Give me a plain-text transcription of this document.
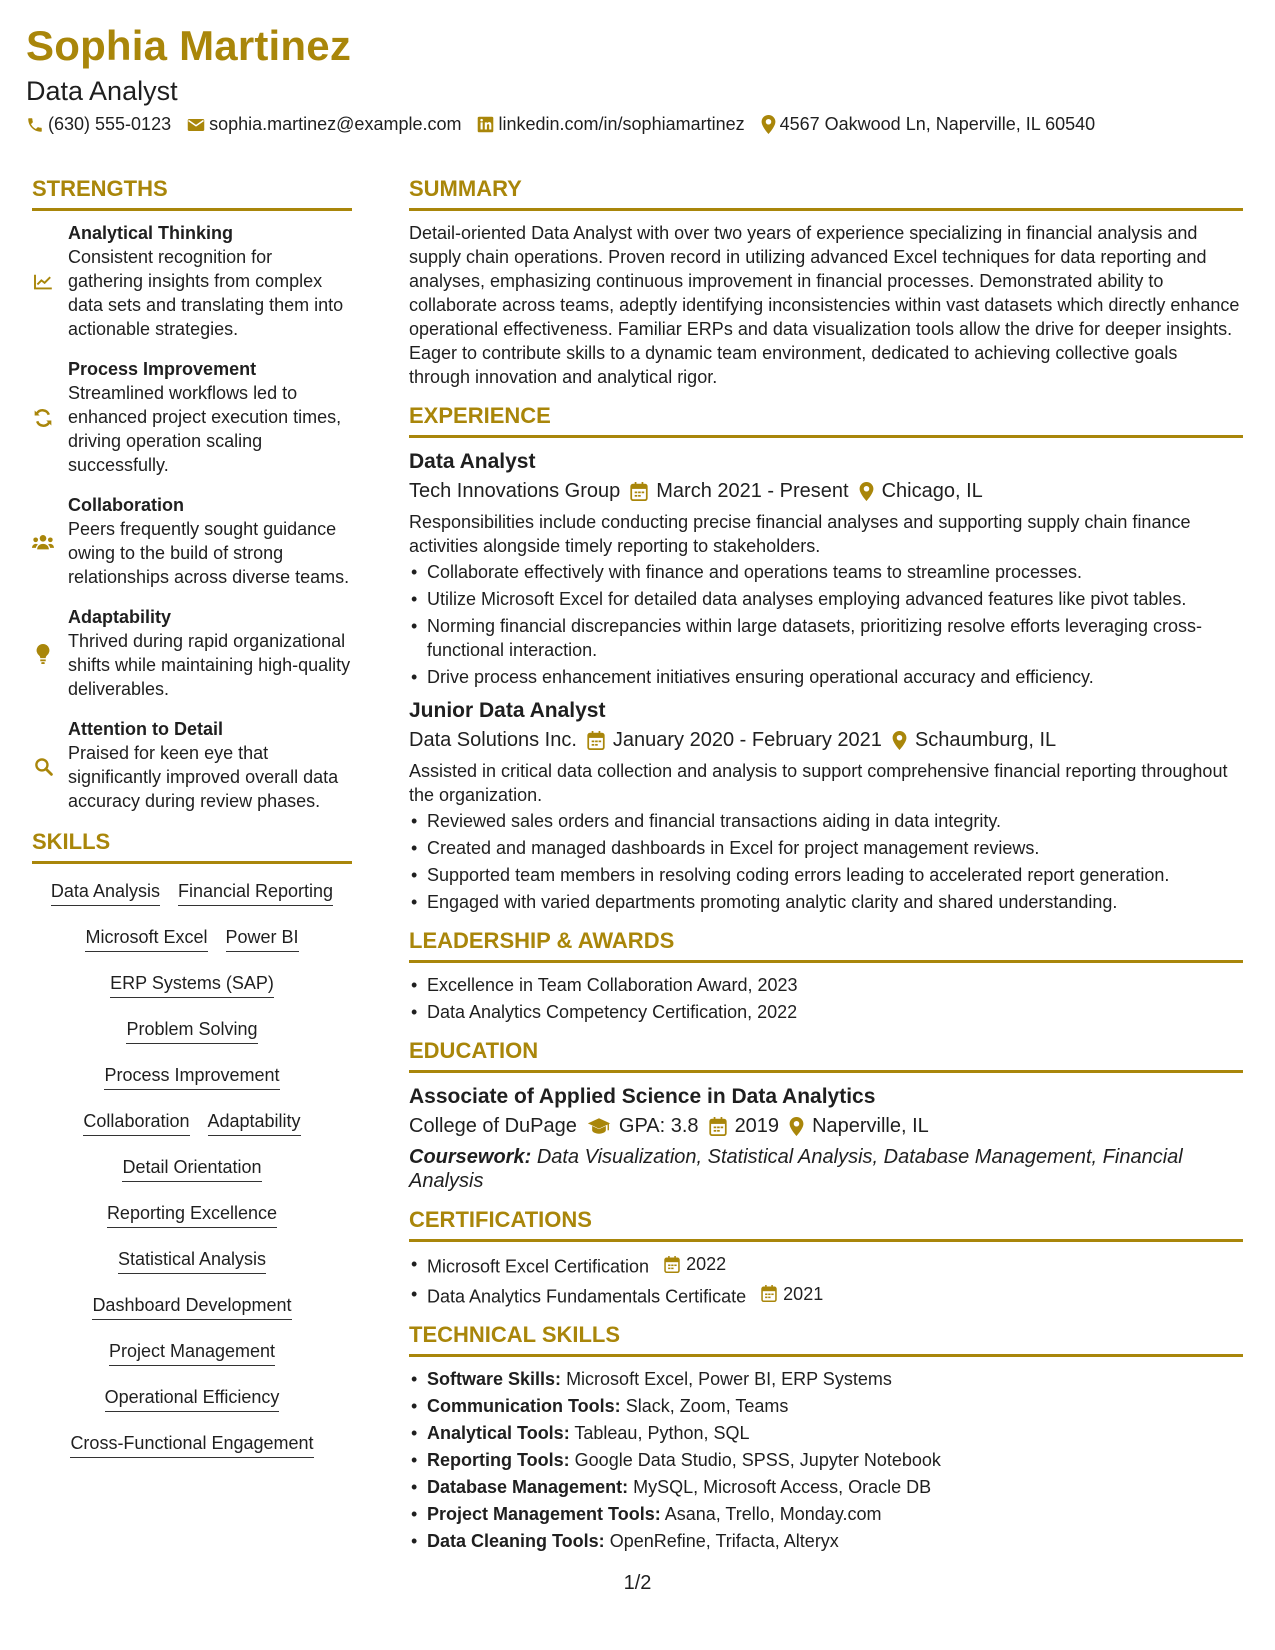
Sophia Martinez
Data Analyst
(630) 555-0123 sophia.martinez@example.com linkedin.com/in/sophiamartinez 4567 Oakwood Ln, Naperville, IL 60540
STRENGTHS
Analytical Thinking
Consistent recognition for gathering insights from complex data sets and translating them into actionable strategies.
Process Improvement
Streamlined workflows led to enhanced project execution times, driving operation scaling successfully.
Collaboration
Peers frequently sought guidance owing to the build of strong relationships across diverse teams.
Adaptability
Thrived during rapid organizational shifts while maintaining high-quality deliverables.
Attention to Detail
Praised for keen eye that significantly improved overall data accuracy during review phases.
SKILLS
Data Analysis Financial Reporting
Microsoft Excel Power BI
ERP Systems (SAP)
Problem Solving
Process Improvement
Collaboration Adaptability
Detail Orientation
Reporting Excellence
Statistical Analysis
Dashboard Development
Project Management
Operational Efficiency
Cross-Functional Engagement
SUMMARY
Detail-oriented Data Analyst with over two years of experience specializing in financial analysis and supply chain operations. Proven record in utilizing advanced Excel techniques for data reporting and analyses, emphasizing continuous improvement in financial processes. Demonstrated ability to collaborate across teams, adeptly identifying inconsistencies within vast datasets which directly enhance operational effectiveness. Familiar ERPs and data visualization tools allow the drive for deeper insights. Eager to contribute skills to a dynamic team environment, dedicated to achieving collective goals through innovation and analytical rigor.
EXPERIENCE
Data Analyst
Tech Innovations Group March 2021 - Present Chicago, IL
Responsibilities include conducting precise financial analyses and supporting supply chain finance activities alongside timely reporting to stakeholders.
• Collaborate effectively with finance and operations teams to streamline processes.
• Utilize Microsoft Excel for detailed data analyses employing advanced features like pivot tables.
• Norming financial discrepancies within large datasets, prioritizing resolve efforts leveraging cross-functional interaction.
• Drive process enhancement initiatives ensuring operational accuracy and efficiency.
Junior Data Analyst
Data Solutions Inc. January 2020 - February 2021 Schaumburg, IL
Assisted in critical data collection and analysis to support comprehensive financial reporting throughout the organization.
• Reviewed sales orders and financial transactions aiding in data integrity.
• Created and managed dashboards in Excel for project management reviews.
• Supported team members in resolving coding errors leading to accelerated report generation.
• Engaged with varied departments promoting analytic clarity and shared understanding.
LEADERSHIP & AWARDS
• Excellence in Team Collaboration Award, 2023
• Data Analytics Competency Certification, 2022
EDUCATION
Associate of Applied Science in Data Analytics
College of DuPage GPA: 3.8 2019 Naperville, IL
Coursework: Data Visualization, Statistical Analysis, Database Management, Financial Analysis
CERTIFICATIONS
• Microsoft Excel Certification 2022
• Data Analytics Fundamentals Certificate 2021
TECHNICAL SKILLS
• Software Skills: Microsoft Excel, Power BI, ERP Systems
• Communication Tools: Slack, Zoom, Teams
• Analytical Tools: Tableau, Python, SQL
• Reporting Tools: Google Data Studio, SPSS, Jupyter Notebook
• Database Management: MySQL, Microsoft Access, Oracle DB
• Project Management Tools: Asana, Trello, Monday.com
• Data Cleaning Tools: OpenRefine, Trifacta, Alteryx
1/2
